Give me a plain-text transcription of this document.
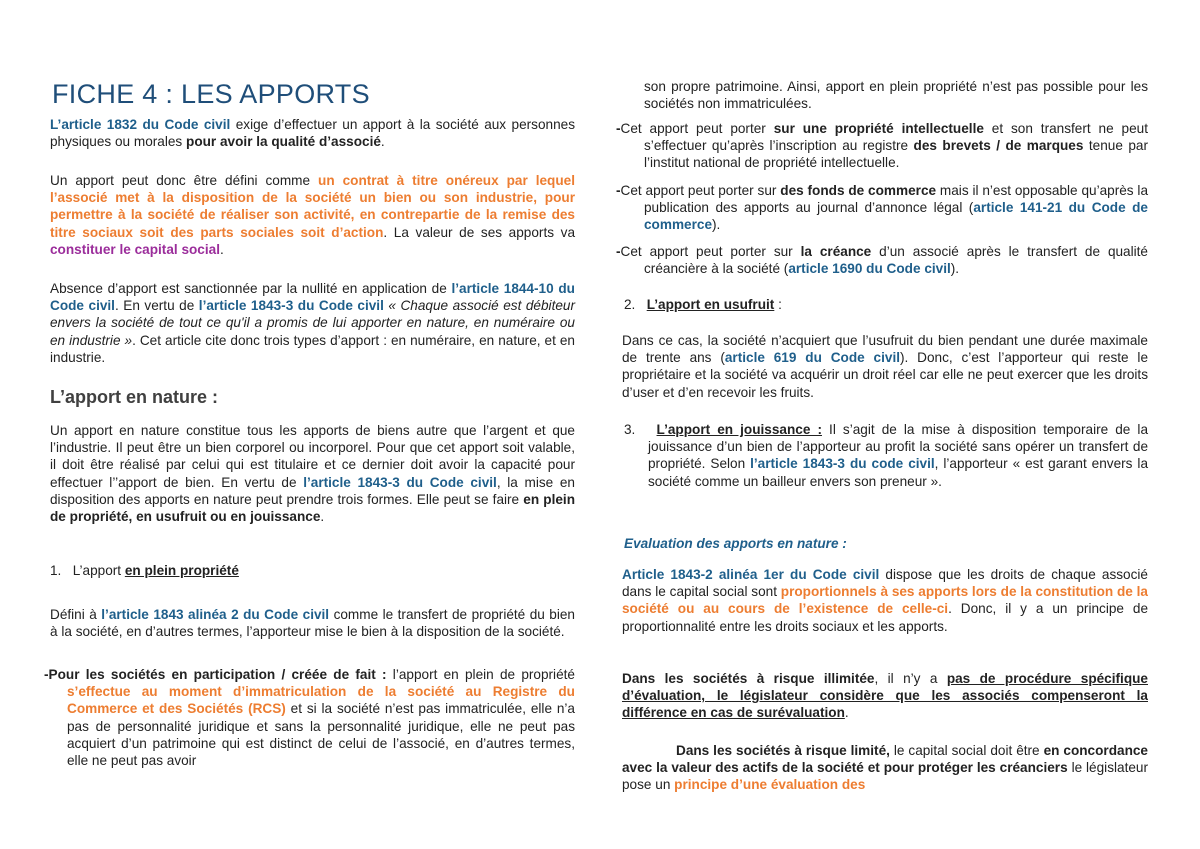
FICHE 4 : LES APPORTS
L’article 1832 du Code civil exige d’effectuer un apport à la société aux personnes physiques ou morales pour avoir la qualité d’associé.
Un apport peut donc être défini comme un contrat à titre onéreux par lequel l’associé met à la disposition de la société un bien ou son industrie, pour permettre à la société de réaliser son activité, en contrepartie de la remise des titre sociaux soit des parts sociales soit d’action. La valeur de ses apports va constituer le capital social.
Absence d’apport est sanctionnée par la nullité en application de l’article 1844-10 du Code civil. En vertu de l’article 1843-3 du Code civil « Chaque associé est débiteur envers la société de tout ce qu'il a promis de lui apporter en nature, en numéraire ou en industrie ». Cet article cite donc trois types d’apport : en numéraire, en nature, et en industrie.
L’apport en nature :
Un apport en nature constitue tous les apports de biens autre que l’argent et que l’industrie. Il peut être un bien corporel ou incorporel. Pour que cet apport soit valable, il doit être réalisé par celui qui est titulaire et ce dernier doit avoir la capacité pour effectuer l’’apport de bien. En vertu de l’article 1843-3 du Code civil, la mise en disposition des apports en nature peut prendre trois formes. Elle peut se faire en plein de propriété, en usufruit ou en jouissance.
1. L’apport en plein propriété
Défini à l’article 1843 alinéa 2 du Code civil comme le transfert de propriété du bien à la société, en d’autres termes, l’apporteur mise le bien à la disposition de la société.
-Pour les sociétés en participation / créée de fait : l’apport en plein de propriété s’effectue au moment d’immatriculation de la société au Registre du Commerce et des Sociétés (RCS) et si la société n’est pas immatriculée, elle n’a pas de personnalité juridique et sans la personnalité juridique, elle ne peut pas acquiert d’un patrimoine qui est distinct de celui de l’associé, en d’autres termes, elle ne peut pas avoir
son propre patrimoine. Ainsi, apport en plein propriété n’est pas possible pour les sociétés non immatriculées.
-Cet apport peut porter sur une propriété intellectuelle et son transfert ne peut s’effectuer qu’après l’inscription au registre des brevets / de marques tenue par l’institut national de propriété intellectuelle.
-Cet apport peut porter sur des fonds de commerce mais il n’est opposable qu’après la publication des apports au journal d’annonce légal (article 141-21 du Code de commerce).
-Cet apport peut porter sur la créance d’un associé après le transfert de qualité créancière à la société (article 1690 du Code civil).
2. L’apport en usufruit :
Dans ce cas, la société n’acquiert que l’usufruit du bien pendant une durée maximale de trente ans (article 619 du Code civil). Donc, c’est l’apporteur qui reste le propriétaire et la société va acquérir un droit réel car elle ne peut exercer que les droits d’user et d’en recevoir les fruits.
3. L’apport en jouissance : Il s’agit de la mise à disposition temporaire de la jouissance d’un bien de l’apporteur au profit la société sans opérer un transfert de propriété. Selon l’article 1843-3 du code civil, l’apporteur « est garant envers la société comme un bailleur envers son preneur ».
Evaluation des apports en nature :
Article 1843-2 alinéa 1er du Code civil dispose que les droits de chaque associé dans le capital social sont proportionnels à ses apports lors de la constitution de la société ou au cours de l’existence de celle-ci. Donc, il y a un principe de proportionnalité entre les droits sociaux et les apports.
Dans les sociétés à risque illimitée, il n’y a pas de procédure spécifique d’évaluation, le législateur considère que les associés compenseront la différence en cas de surévaluation.
Dans les sociétés à risque limité, le capital social doit être en concordance avec la valeur des actifs de la société et pour protéger les créanciers le législateur pose un principe d’une évaluation des
